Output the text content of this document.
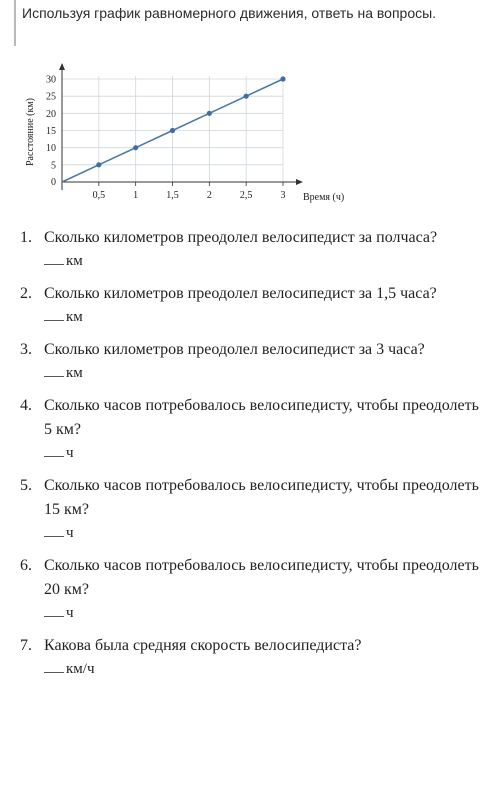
Используя график равномерного движения, ответь на вопросы.
0,5	1	1,5	2	2,5	3
5
10
15
20
25
30
0
Время (ч)
Расстояние (км)
1. Сколько километров преодолел велосипедист за полчаса?
км
2. Сколько километров преодолел велосипедист за 1,5 часа?
км
3. Сколько километров преодолел велосипедист за 3 часа?
км
4. Сколько часов потребовалось велосипедисту, чтобы преодолеть 5 км?
ч
5. Сколько часов потребовалось велосипедисту, чтобы преодолеть 15 км?
ч
6. Сколько часов потребовалось велосипедисту, чтобы преодолеть 20 км?
ч
7. Какова была средняя скорость велосипедиста?
км/ч
